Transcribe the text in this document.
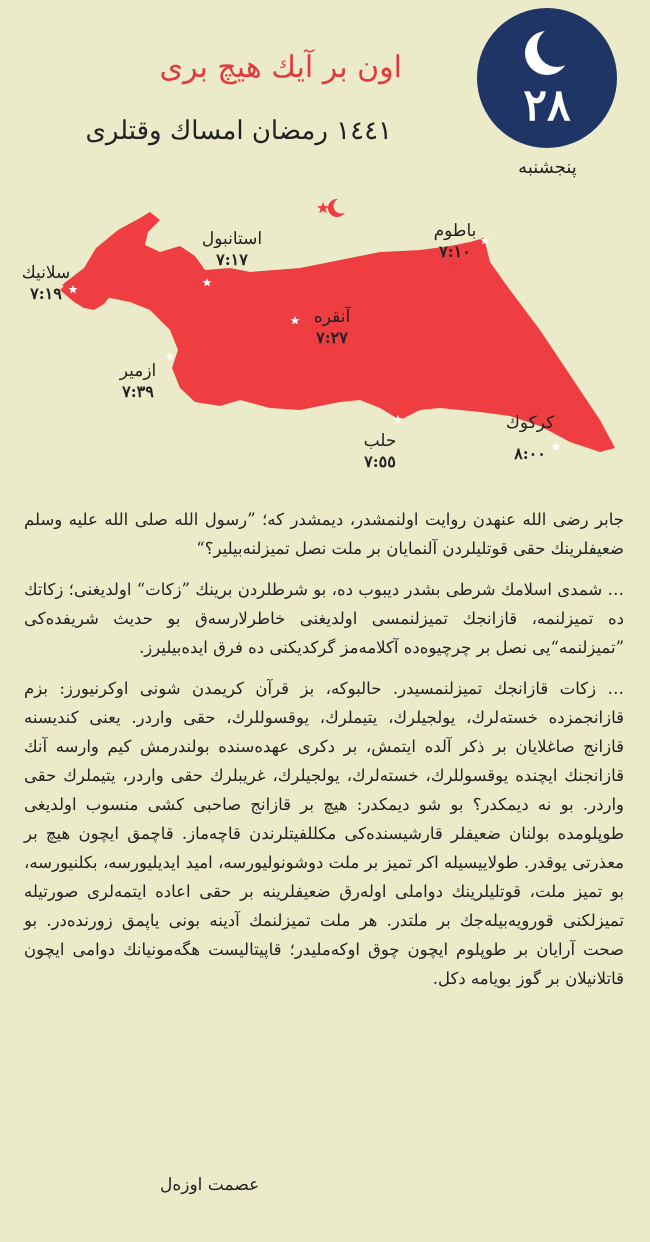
اون بر آیك هیچ بری
١٤٤١ رمضان امساك وقتلری	٢٨
پنجشنبه
استانبول
٧:١٧
باطوم
٧:١٠
سلانیك
٧:١٩
آنقره
٧:٢٧
ازمیر
٧:٣٩
حلب
٧:٥٥
كركوك
٨:٠٠

جابر رضی الله عنهدن روایت اولنمشدر، دیمشدر كه؛ ”رسول الله صلی الله علیه وسلم ضعیفلرینك حقی قوتلیلردن آلنمایان بر ملت نصل تمیزلنه‌بیلیر؟“

… شمدی اسلامك شرطی بشدر دیبوب ده، بو شرطلردن برینك ”زكات“ اولدیغنی؛ زكاتك ده تمیزلنمه، قازانجك تمیزلنمسی اولدیغنی خاطرلارسه‌ق بو حدیث شریفده‌كی ”تمیزلنمه“یی نصل بر چرچیوه‌ده آكلامه‌مز گركدیكنی ده فرق ایده‌بیلیرز.

… زكات قازانجك تمیزلنمسیدر. حالبوكه، بز قرآن كریمدن شونی اوكرنیورز: بزم قازانجمزده خسته‌لرك، یولجیلرك، یتیملرك، یوقسوللرك، حقی واردر. یعنی كندیسنه قازانج صاغلایان بر ذكر آلده ایتمش، بر دكری عهده‌سنده بولندرمش كیم وارسه آنك قازانجنك ایچنده یوقسوللرك، خسته‌لرك، یولجیلرك، غریبلرك حقی واردر، یتیملرك حقی واردر. بو نه دیمكدر؟ بو شو دیمكدر: هیچ بر قازانج صاحبی كشی منسوب اولدیغی طوپلومده بولنان ضعیفلر قارشیسنده‌كی مكللفیتلرندن قاچه‌ماز. قاچمق ایچون هیچ بر معذرتی یوقدر. طولاییسیله اكر تمیز بر ملت دوشونولیورسه، امید ایدیلیورسه، بكلنیورسه، بو تمیز ملت، قوتلیلرینك دواملی اوله‌رق ضعیفلرینه بر حقی اعاده ایتمه‌لری صورتیله تمیزلكنی قورویه‌بیله‌جك بر ملتدر. هر ملت تمیزلنمك آدینه بونی یاپمق زورنده‌در. بو صحت آرایان بر طوپلوم ایچون چوق اوكه‌ملیدر؛ قاپیتالیست هگه‌مونیانك دوامی ایچون قاتلانیلان بر گوز بویامه دكل.

عصمت اوزه‌ل
